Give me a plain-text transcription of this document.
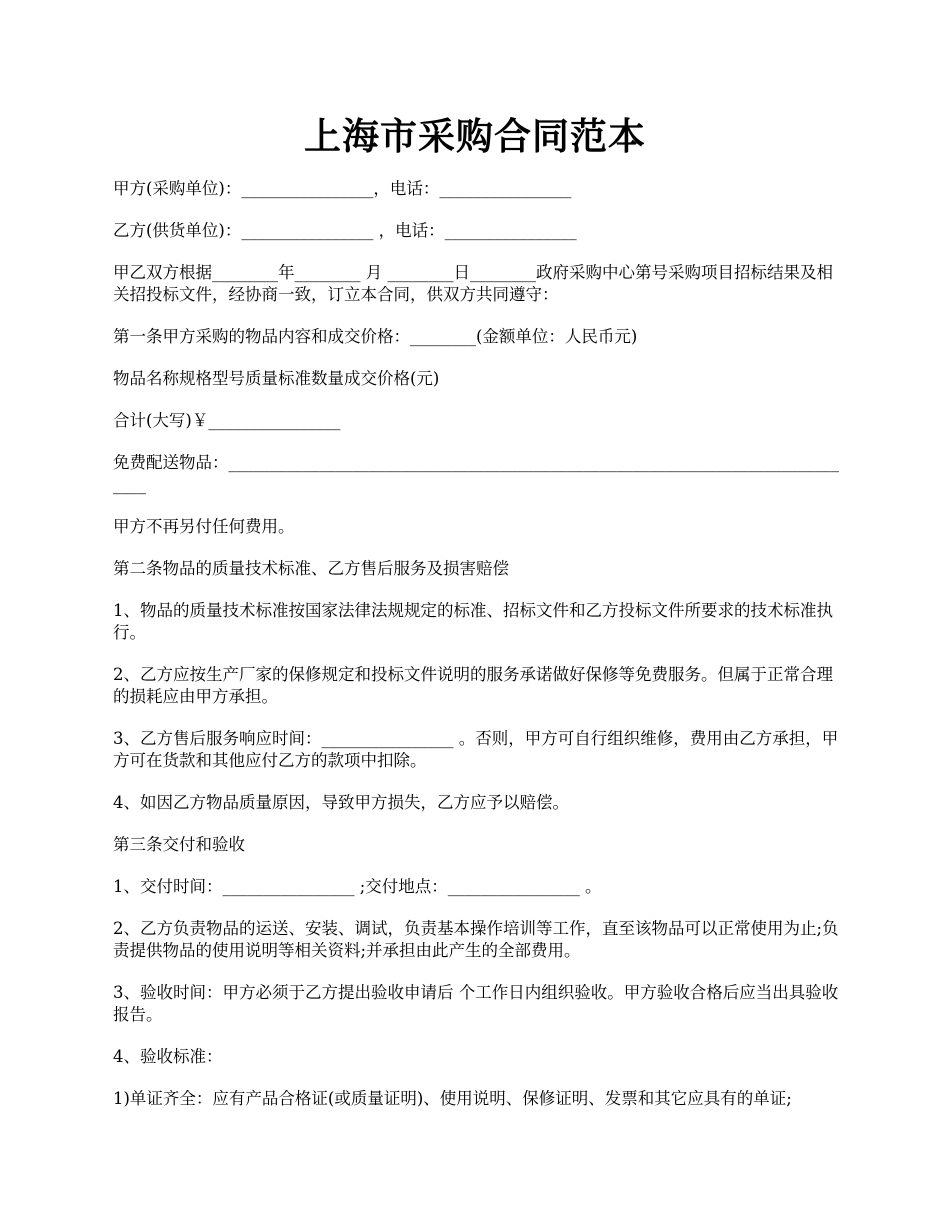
上海市采购合同范本

甲方(采购单位)：________________，电话：________________

乙方(供货单位)：________________ ，电话：________________

甲乙双方根据________年________ 月 ________日________政府采购中心第号采购项目招标结果及相关招投标文件，经协商一致，订立本合同，供双方共同遵守：

第一条甲方采购的物品内容和成交价格：________(金额单位：人民币元)

物品名称规格型号质量标准数量成交价格(元)

合计(大写)￥________________

免费配送物品：______________________________________________________________________________

甲方不再另付任何费用。

第二条物品的质量技术标准、乙方售后服务及损害赔偿

1、物品的质量技术标准按国家法律法规规定的标准、招标文件和乙方投标文件所要求的技术标准执行。

2、乙方应按生产厂家的保修规定和投标文件说明的服务承诺做好保修等免费服务。但属于正常合理的损耗应由甲方承担。

3、乙方售后服务响应时间：________________ 。否则，甲方可自行组织维修，费用由乙方承担，甲方可在货款和其他应付乙方的款项中扣除。

4、如因乙方物品质量原因，导致甲方损失，乙方应予以赔偿。

第三条交付和验收

1、交付时间：________________ ;交付地点：________________ 。

2、乙方负责物品的运送、安装、调试，负责基本操作培训等工作，直至该物品可以正常使用为止;负责提供物品的使用说明等相关资料;并承担由此产生的全部费用。

3、验收时间：甲方必须于乙方提出验收申请后 个工作日内组织验收。甲方验收合格后应当出具验收报告。

4、验收标准：

1)单证齐全：应有产品合格证(或质量证明)、使用说明、保修证明、发票和其它应具有的单证;
